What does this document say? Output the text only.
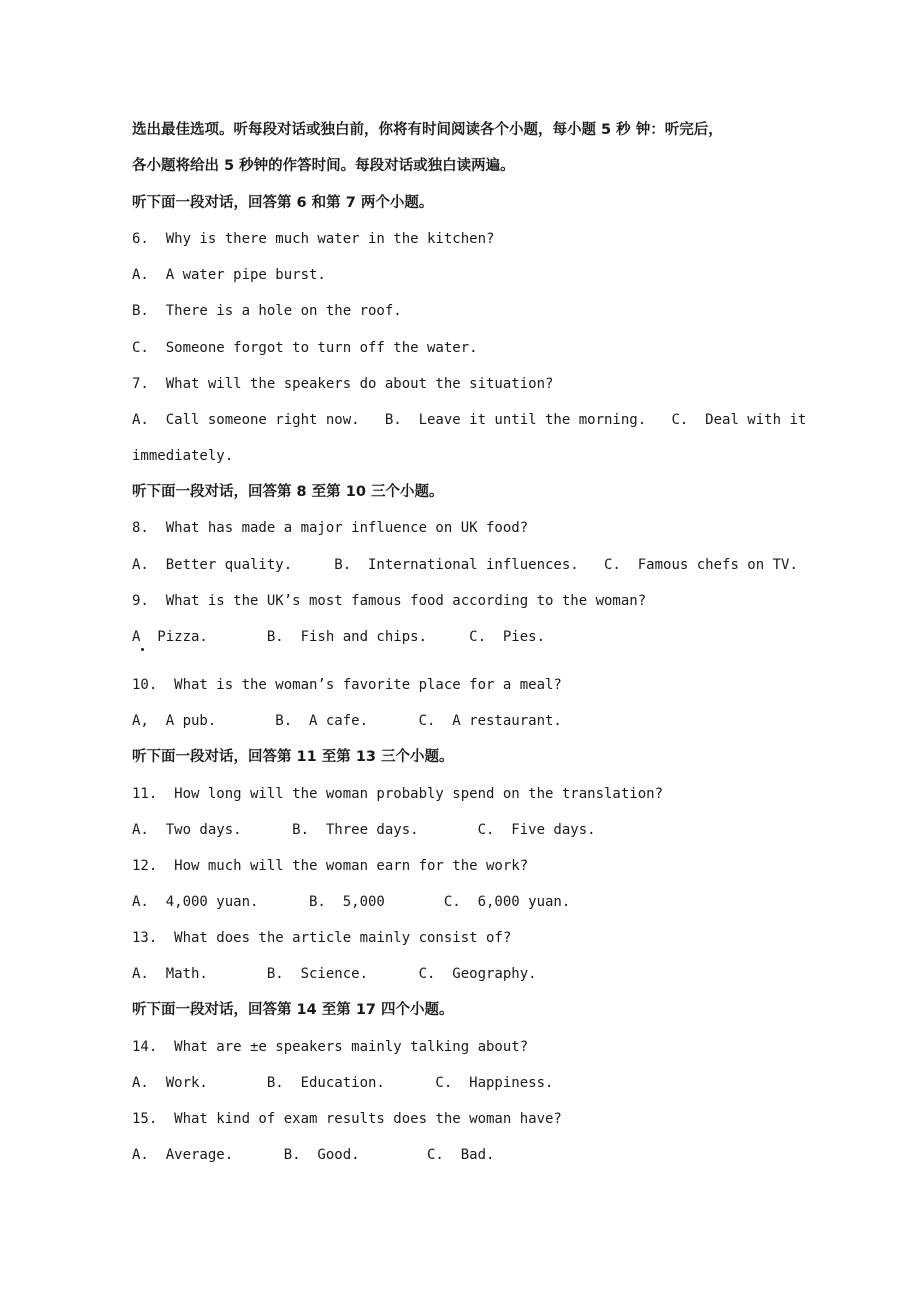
选出最佳选项。听每段对话或独白前，你将有时间阅读各个小题，每小题 5 秒 钟：听完后，
各小题将给出 5 秒钟的作答时间。每段对话或独白读两遍。
听下面一段对话，回答第 6 和第 7 两个小题。
6.  Why is there much water in the kitchen?
A.  A water pipe burst.
B.  There is a hole on the roof.
C.  Someone forgot to turn off the water.
7.  What will the speakers do about the situation?
A.  Call someone right now.   B.  Leave it until the morning.   C.  Deal with it
immediately.
听下面一段对话，回答第 8 至第 10 三个小题。
8.  What has made a major influence on UK food?
A.  Better quality.     B.  International influences.   C.  Famous chefs on TV.
9.  What is the UK’s most famous food according to the woman?
A  Pizza.       B.  Fish and chips.     C.  Pies.
10.  What is the woman’s favorite place for a meal?
A,  A pub.       B.  A cafe.      C.  A restaurant.
听下面一段对话，回答第 11 至第 13 三个小题。
11.  How long will the woman probably spend on the translation?
A.  Two days.      B.  Three days.       C.  Five days.
12.  How much will the woman earn for the work?
A.  4,000 yuan.      B.  5,000       C.  6,000 yuan.
13.  What does the article mainly consist of?
A.  Math.       B.  Science.      C.  Geography.
听下面一段对话，回答第 14 至第 17 四个小题。
14.  What are ±e speakers mainly talking about?
A.  Work.       B.  Education.      C.  Happiness.
15.  What kind of exam results does the woman have?
A.  Average.      B.  Good.        C.  Bad.
